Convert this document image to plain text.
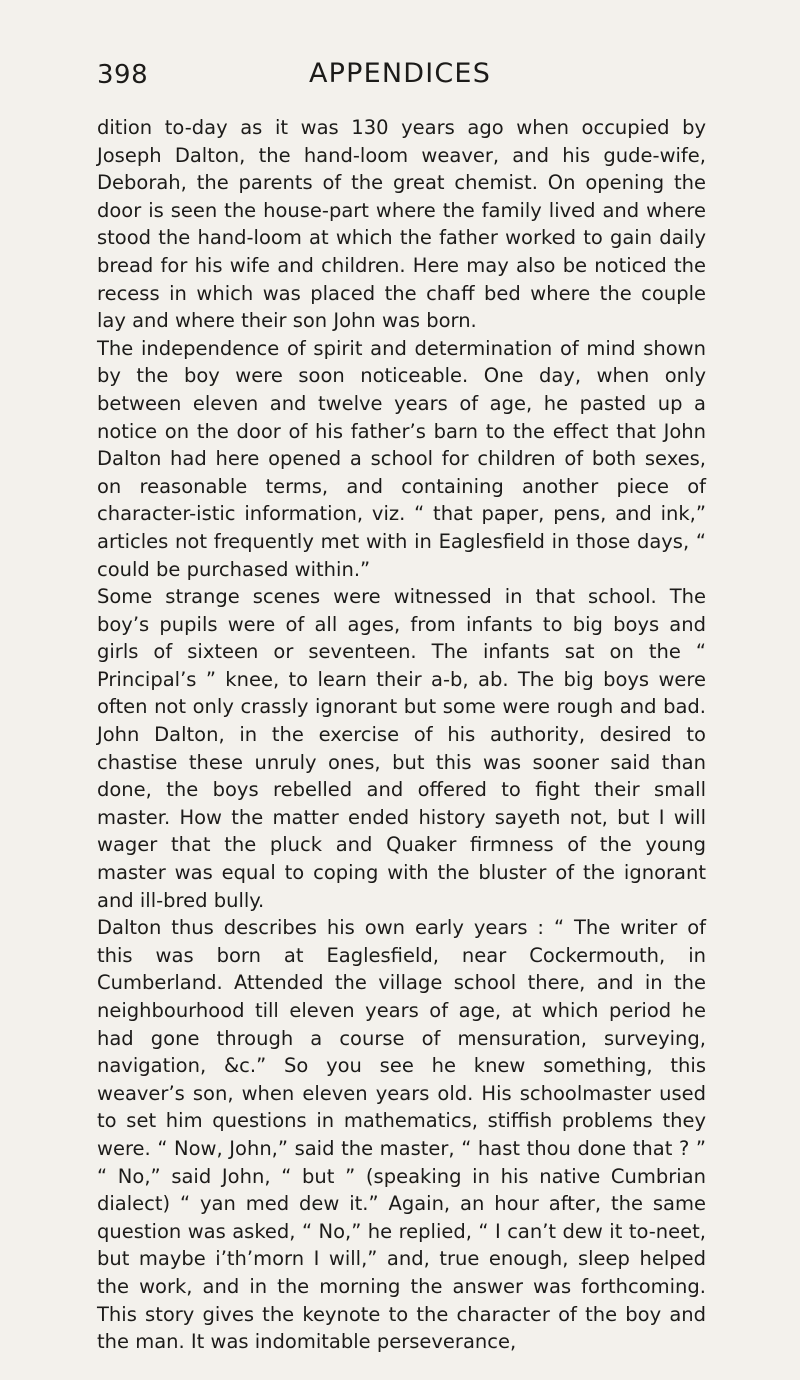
398	APPENDICES

dition to-day as it was 130 years ago when occupied by Joseph Dalton, the hand-loom weaver, and his gude-wife, Deborah, the parents of the great chemist. On opening the door is seen the house-part where the family lived and where stood the hand-loom at which the father worked to gain daily bread for his wife and children. Here may also be noticed the recess in which was placed the chaff bed where the couple lay and where their son John was born.

The independence of spirit and determination of mind shown by the boy were soon noticeable. One day, when only between eleven and twelve years of age, he pasted up a notice on the door of his father’s barn to the effect that John Dalton had here opened a school for children of both sexes, on reasonable terms, and containing another piece of character-istic information, viz. “ that paper, pens, and ink,” articles not frequently met with in Eaglesfield in those days, “ could be purchased within.”

Some strange scenes were witnessed in that school. The boy’s pupils were of all ages, from infants to big boys and girls of sixteen or seventeen. The infants sat on the “ Principal’s ” knee, to learn their a-b, ab. The big boys were often not only crassly ignorant but some were rough and bad. John Dalton, in the exercise of his authority, desired to chastise these unruly ones, but this was sooner said than done, the boys rebelled and offered to fight their small master. How the matter ended history sayeth not, but I will wager that the pluck and Quaker firmness of the young master was equal to coping with the bluster of the ignorant and ill-bred bully.

Dalton thus describes his own early years : “ The writer of this was born at Eaglesfield, near Cockermouth, in Cumberland. Attended the village school there, and in the neighbourhood till eleven years of age, at which period he had gone through a course of mensuration, surveying, navigation, &c.” So you see he knew something, this weaver’s son, when eleven years old. His schoolmaster used to set him questions in mathematics, stiffish problems they were. “ Now, John,” said the master, “ hast thou done that ? ” “ No,” said John, “ but ” (speaking in his native Cumbrian dialect) “ yan med dew it.” Again, an hour after, the same question was asked, “ No,” he replied, “ I can’t dew it to-neet, but maybe i’th’morn I will,” and, true enough, sleep helped the work, and in the morning the answer was forthcoming. This story gives the keynote to the character of the boy and the man. It was indomitable perseverance,
